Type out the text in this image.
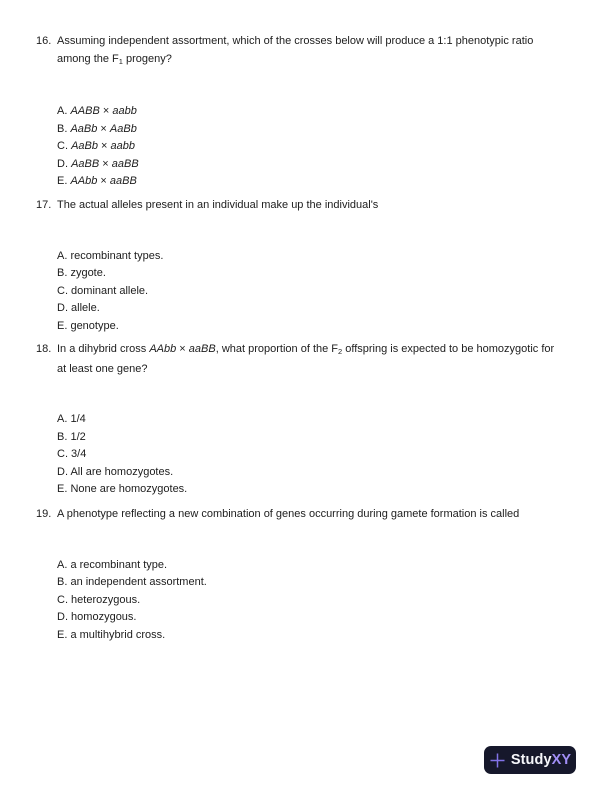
16. Assuming independent assortment, which of the crosses below will produce a 1:1 phenotypic ratio among the $F_1$ progeny?
A. AABB × aabb
B. AaBb × AaBb
C. AaBb × aabb
D. AaBB × aaBB
E. AAbb × aaBB
17. The actual alleles present in an individual make up the individual's
A. recombinant types.
B. zygote.
C. dominant allele.
D. allele.
E. genotype.
18. In a dihybrid cross AAbb × aaBB, what proportion of the $F_2$ offspring is expected to be homozygotic for at least one gene?
A. 1/4
B. 1/2
C. 3/4
D. All are homozygotes.
E. None are homozygotes.
19. A phenotype reflecting a new combination of genes occurring during gamete formation is called
A. a recombinant type.
B. an independent assortment.
C. heterozygous.
D. homozygous.
E. a multihybrid cross.
StudyXY
